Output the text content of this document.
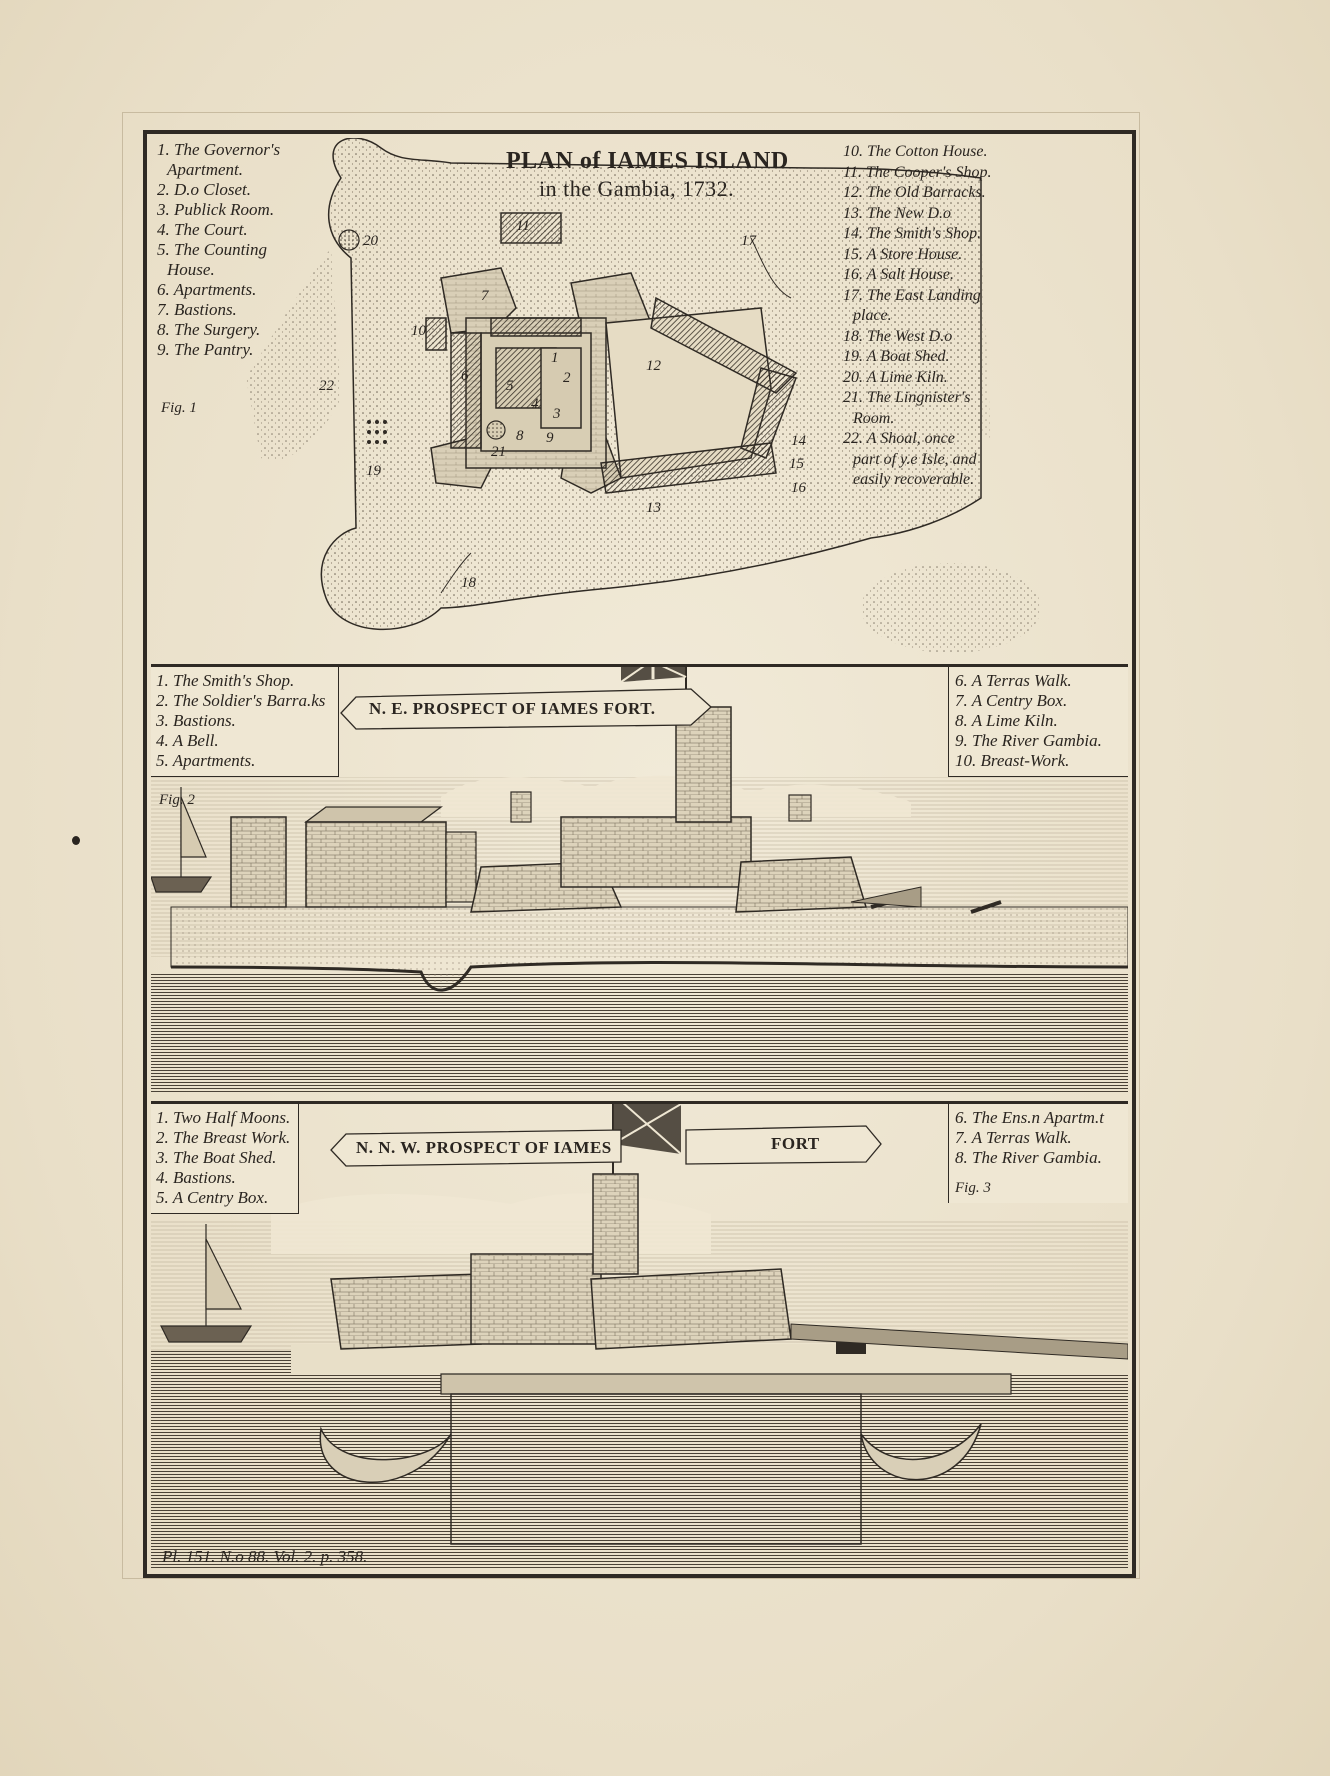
1. The Governor's
Apartment.
2. D.o Closet.
3. Publick Room.
4. The Court.
5. The Counting
House.
6. Apartments.
7. Bastions.
8. The Surgery.
9. The Pantry.
Fig. 1
PLAN of IAMES ISLAND
in the Gambia, 1732.
10. The Cotton House.
11. The Cooper's Shop.
12. The Old Barracks.
13. The New D.o
14. The Smith's Shop.
15. A Store House.
16. A Salt House.
17. The East Landing
place.
18. The West D.o
19. A Boat Shed.
20. A Lime Kiln.
21. The Lingnister's
Room.
22. A Shoal, once
part of y.e Isle, and
easily recoverable.
1
2
3
4
5
6
7
8 9
10
11
12
13
14
15
16
17
18
19
20
21
22
1. The Smith's Shop.
2. The Soldier's Barra.ks
3. Bastions.
4. A Bell.
5. Apartments.
Fig. 2
N. E. PROSPECT OF IAMES FORT.
6. A Terras Walk.
7. A Centry Box.
8. A Lime Kiln.
9. The River Gambia.
10. Breast-Work.
1. Two Half Moons.
2. The Breast Work.
3. The Boat Shed.
4. Bastions.
5. A Centry Box.
N. N. W. PROSPECT OF IAMES	FORT
6. The Ens.n Apartm.t
7. A Terras Walk.
8. The River Gambia.
Fig. 3
Pl. 151. N.o 88. Vol. 2. p. 358.
